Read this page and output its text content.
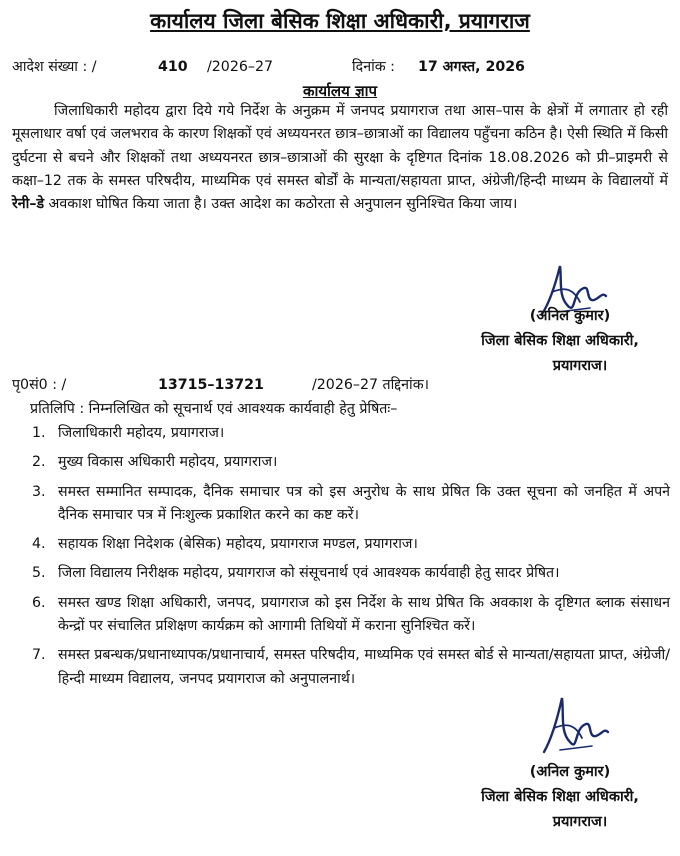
कार्यालय जिला बेसिक शिक्षा अधिकारी, प्रयागराज
आदेश संख्या : /	410 /2026–27	दिनांक : 17 अगस्त, 2026
कार्यालय ज्ञाप

जिलाधिकारी महोदय द्वारा दिये गये निर्देश के अनुक्रम में जनपद प्रयागराज तथा आस–पास के क्षेत्रों में लगातार हो रही मूसलाधार वर्षा एवं जलभराव के कारण शिक्षकों एवं अध्ययनरत छात्र–छात्राओं का विद्यालय पहुँचना कठिन है। ऐसी स्थिति में किसी दुर्घटना से बचने और शिक्षकों तथा अध्ययनरत छात्र–छात्राओं की सुरक्षा के दृष्टिगत दिनांक 18.08.2026 को प्री–प्राइमरी से कक्षा–12 तक के समस्त परिषदीय, माध्यमिक एवं समस्त बोर्डों के मान्यता/सहायता प्राप्त, अंग्रेजी/हिन्दी माध्यम के विद्यालयों में रेनी–डे अवकाश घोषित किया जाता है। उक्त आदेश का कठोरता से अनुपालन सुनिश्चित किया जाय।

(अनिल कुमार)
जिला बेसिक शिक्षा अधिकारी,
प्रयागराज।
पृ0सं0 : /	13715–13721	/2026–27 तद्दिनांक।
प्रतिलिपि : निम्नलिखित को सूचनार्थ एवं आवश्यक कार्यवाही हेतु प्रेषितः–
1. जिलाधिकारी महोदय, प्रयागराज।
2. मुख्य विकास अधिकारी महोदय, प्रयागराज।
3. समस्त सम्मानित सम्पादक, दैनिक समाचार पत्र को इस अनुरोध के साथ प्रेषित कि उक्त सूचना को जनहित में अपने दैनिक समाचार पत्र में निःशुल्क प्रकाशित करने का कष्ट करें।
4. सहायक शिक्षा निदेशक (बेसिक) महोदय, प्रयागराज मण्डल, प्रयागराज।
5. जिला विद्यालय निरीक्षक महोदय, प्रयागराज को संसूचनार्थ एवं आवश्यक कार्यवाही हेतु सादर प्रेषित।
6. समस्त खण्ड शिक्षा अधिकारी, जनपद, प्रयागराज को इस निर्देश के साथ प्रेषित कि अवकाश के दृष्टिगत ब्लाक संसाधन केन्द्रों पर संचालित प्रशिक्षण कार्यक्रम को आगामी तिथियों में कराना सुनिश्चित करें।
7. समस्त प्रबन्धक/प्रधानाध्यापक/प्रधानाचार्य, समस्त परिषदीय, माध्यमिक एवं समस्त बोर्ड से मान्यता/सहायता प्राप्त, अंग्रेजी/हिन्दी माध्यम विद्यालय, जनपद प्रयागराज को अनुपालनार्थ।
(अनिल कुमार)
जिला बेसिक शिक्षा अधिकारी,
प्रयागराज।
